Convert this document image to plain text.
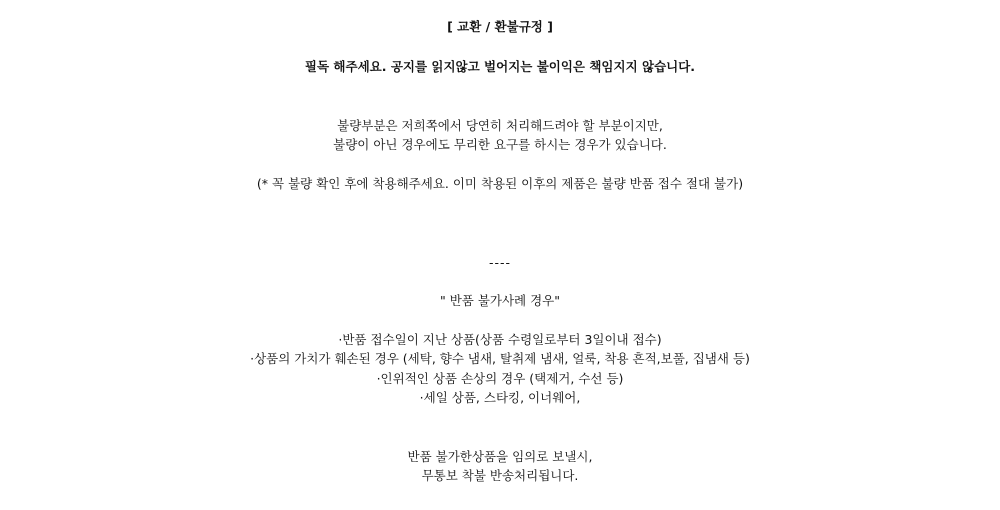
[ 교환 / 환불규정 ]
필독 해주세요. 공지를 읽지않고 벌어지는 불이익은 책임지지 않습니다.
불량부분은 저희쪽에서 당연히 처리해드려야 할 부분이지만,
불량이 아닌 경우에도 무리한 요구를 하시는 경우가 있습니다.
(* 꼭 불량 확인 후에 착용해주세요. 이미 착용된 이후의 제품은 불량 반품 접수 절대 불가)
----
" 반품 불가사례 경우"
·반품 접수일이 지난 상품(상품 수령일로부터 3일이내 접수)
·상품의 가치가 훼손된 경우 (세탁, 향수 냄새, 탈취제 냄새, 얼룩, 착용 흔적,보풀, 집냄새 등)
·인위적인 상품 손상의 경우 (택제거, 수선 등)
·세일 상품, 스타킹, 이너웨어,
반품 불가한상품을 임의로 보낼시,
무통보 착불 반송처리됩니다.
